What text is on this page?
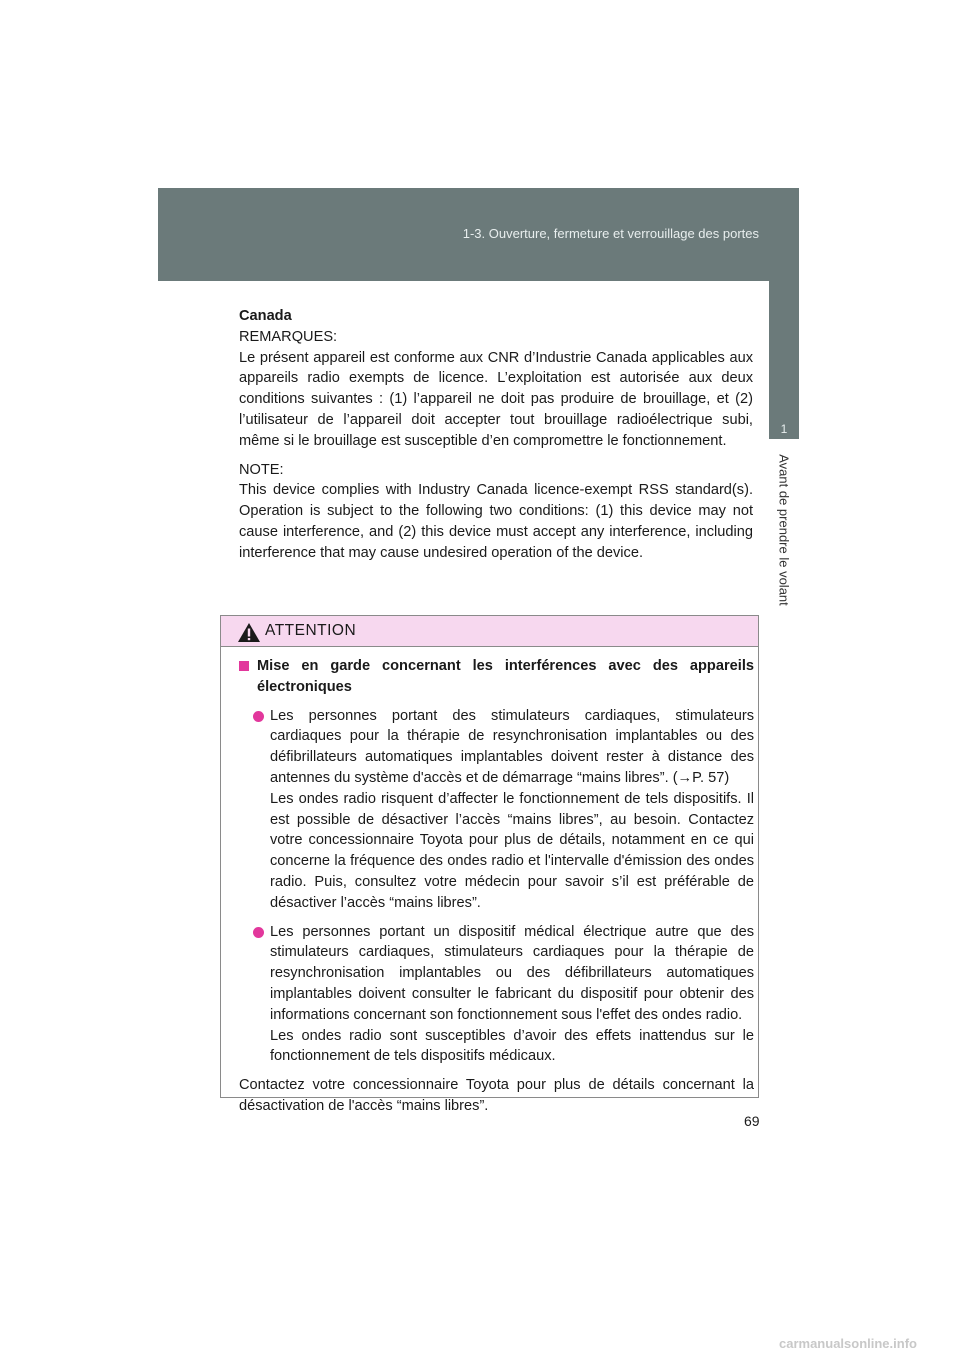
1-3. Ouverture, fermeture et verrouillage des portes
1
Avant de prendre le volant

Canada

REMARQUES:

Le présent appareil est conforme aux CNR d’Industrie Canada applicables aux appareils radio exempts de licence. L’exploitation est autorisée aux deux conditions suivantes : (1) l’appareil ne doit pas produire de brouillage, et (2) l’utilisateur de l’appareil doit accepter tout brouillage radioélectrique subi, même si le brouillage est susceptible d’en compromettre le fonctionnement.

NOTE:

This device complies with Industry Canada licence-exempt RSS standard(s). Operation is subject to the following two conditions: (1) this device may not cause interference, and (2) this device must accept any interference, including interference that may cause undesired operation of the device.

ATTENTION
Mise en garde concernant les interférences avec des appareils électroniques

Les personnes portant des stimulateurs cardiaques, stimulateurs cardiaques pour la thérapie de resynchronisation implantables ou des défibrillateurs automatiques implantables doivent rester à distance des antennes du système d'accès et de démarrage “mains libres”. (→P. 57)

Les ondes radio risquent d’affecter le fonctionnement de tels dispositifs. Il est possible de désactiver l’accès “mains libres”, au besoin. Contactez votre concessionnaire Toyota pour plus de détails, notamment en ce qui concerne la fréquence des ondes radio et l'intervalle d'émission des ondes radio. Puis, consultez votre médecin pour savoir s’il est préférable de désactiver l’accès “mains libres”.

Les personnes portant un dispositif médical électrique autre que des stimulateurs cardiaques, stimulateurs cardiaques pour la thérapie de resynchronisation implantables ou des défibrillateurs automatiques implantables doivent consulter le fabricant du dispositif pour obtenir des informations concernant son fonctionnement sous l'effet des ondes radio.

Les ondes radio sont susceptibles d’avoir des effets inattendus sur le fonctionnement de tels dispositifs médicaux.

Contactez votre concessionnaire Toyota pour plus de détails concernant la désactivation de l'accès “mains libres”.

69
carmanualsonline.info
